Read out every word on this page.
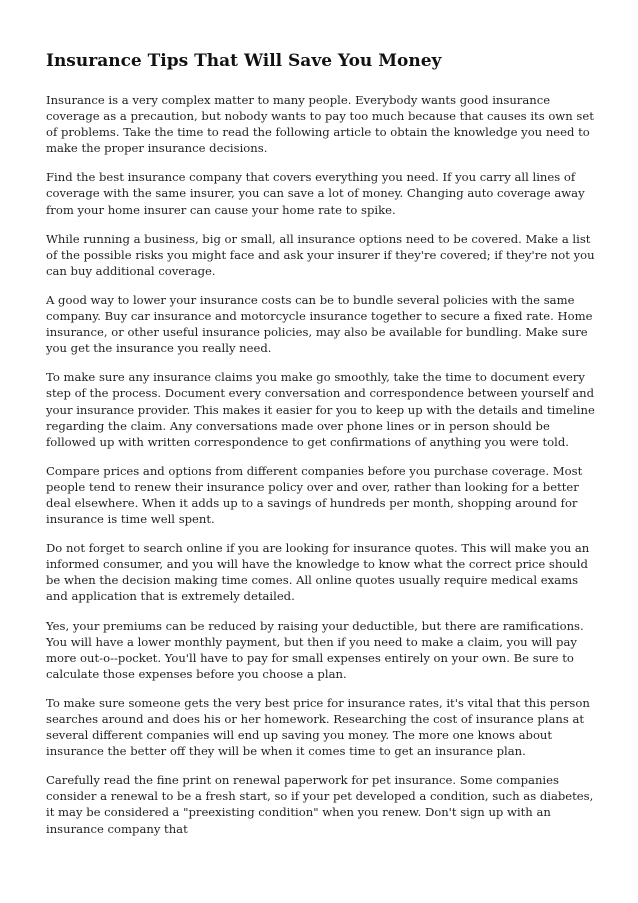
Insurance Tips That Will Save You Money

Insurance is a very complex matter to many people. Everybody wants good insurance coverage as a precaution, but nobody wants to pay too much because that causes its own set of problems. Take the time to read the following article to obtain the knowledge you need to make the proper insurance decisions.

Find the best insurance company that covers everything you need. If you carry all lines of coverage with the same insurer, you can save a lot of money. Changing auto coverage away from your home insurer can cause your home rate to spike.

While running a business, big or small, all insurance options need to be covered. Make a list of the possible risks you might face and ask your insurer if they're covered; if they're not you can buy additional coverage.

A good way to lower your insurance costs can be to bundle several policies with the same company. Buy car insurance and motorcycle insurance together to secure a fixed rate. Home insurance, or other useful insurance policies, may also be available for bundling. Make sure you get the insurance you really need.

To make sure any insurance claims you make go smoothly, take the time to document every step of the process. Document every conversation and correspondence between yourself and your insurance provider. This makes it easier for you to keep up with the details and timeline regarding the claim. Any conversations made over phone lines or in person should be followed up with written correspondence to get confirmations of anything you were told.

Compare prices and options from different companies before you purchase coverage. Most people tend to renew their insurance policy over and over, rather than looking for a better deal elsewhere. When it adds up to a savings of hundreds per month, shopping around for insurance is time well spent.

Do not forget to search online if you are looking for insurance quotes. This will make you an informed consumer, and you will have the knowledge to know what the correct price should be when the decision making time comes. All online quotes usually require medical exams and application that is extremely detailed.

Yes, your premiums can be reduced by raising your deductible, but there are ramifications. You will have a lower monthly payment, but then if you need to make a claim, you will pay more out-o--pocket. You'll have to pay for small expenses entirely on your own. Be sure to calculate those expenses before you choose a plan.

To make sure someone gets the very best price for insurance rates, it's vital that this person searches around and does his or her homework. Researching the cost of insurance plans at several different companies will end up saving you money. The more one knows about insurance the better off they will be when it comes time to get an insurance plan.

Carefully read the fine print on renewal paperwork for pet insurance. Some companies consider a renewal to be a fresh start, so if your pet developed a condition, such as diabetes, it may be considered a "preexisting condition" when you renew. Don't sign up with an insurance company that
